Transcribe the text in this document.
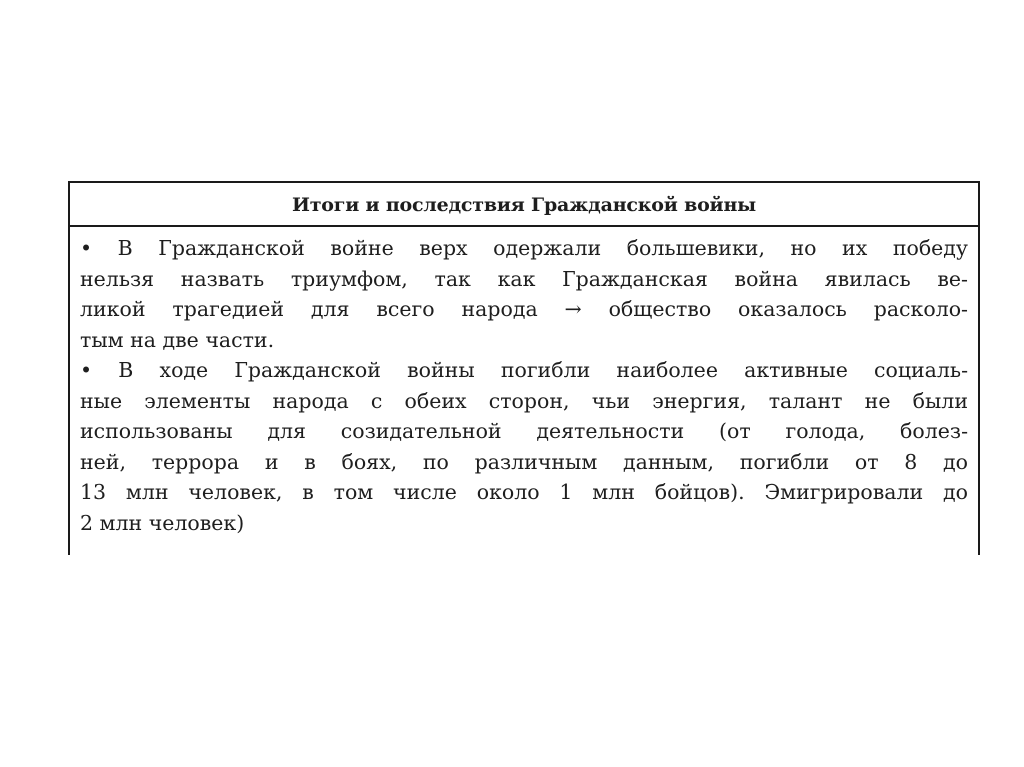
Итоги и последствия Гражданской войны
• В Гражданской войне верх одержали большевики, но их победу
нельзя назвать триумфом, так как Гражданская война явилась ве-
ликой трагедией для всего народа → общество оказалось расколо-
тым на две части.
• В ходе Гражданской войны погибли наиболее активные социаль-
ные элементы народа с обеих сторон, чьи энергия, талант не были
использованы для созидательной деятельности (от голода, болез-
ней, террора и в боях, по различным данным, погибли от 8 до
13 млн человек, в том числе около 1 млн бойцов). Эмигрировали до
2 млн человек)
